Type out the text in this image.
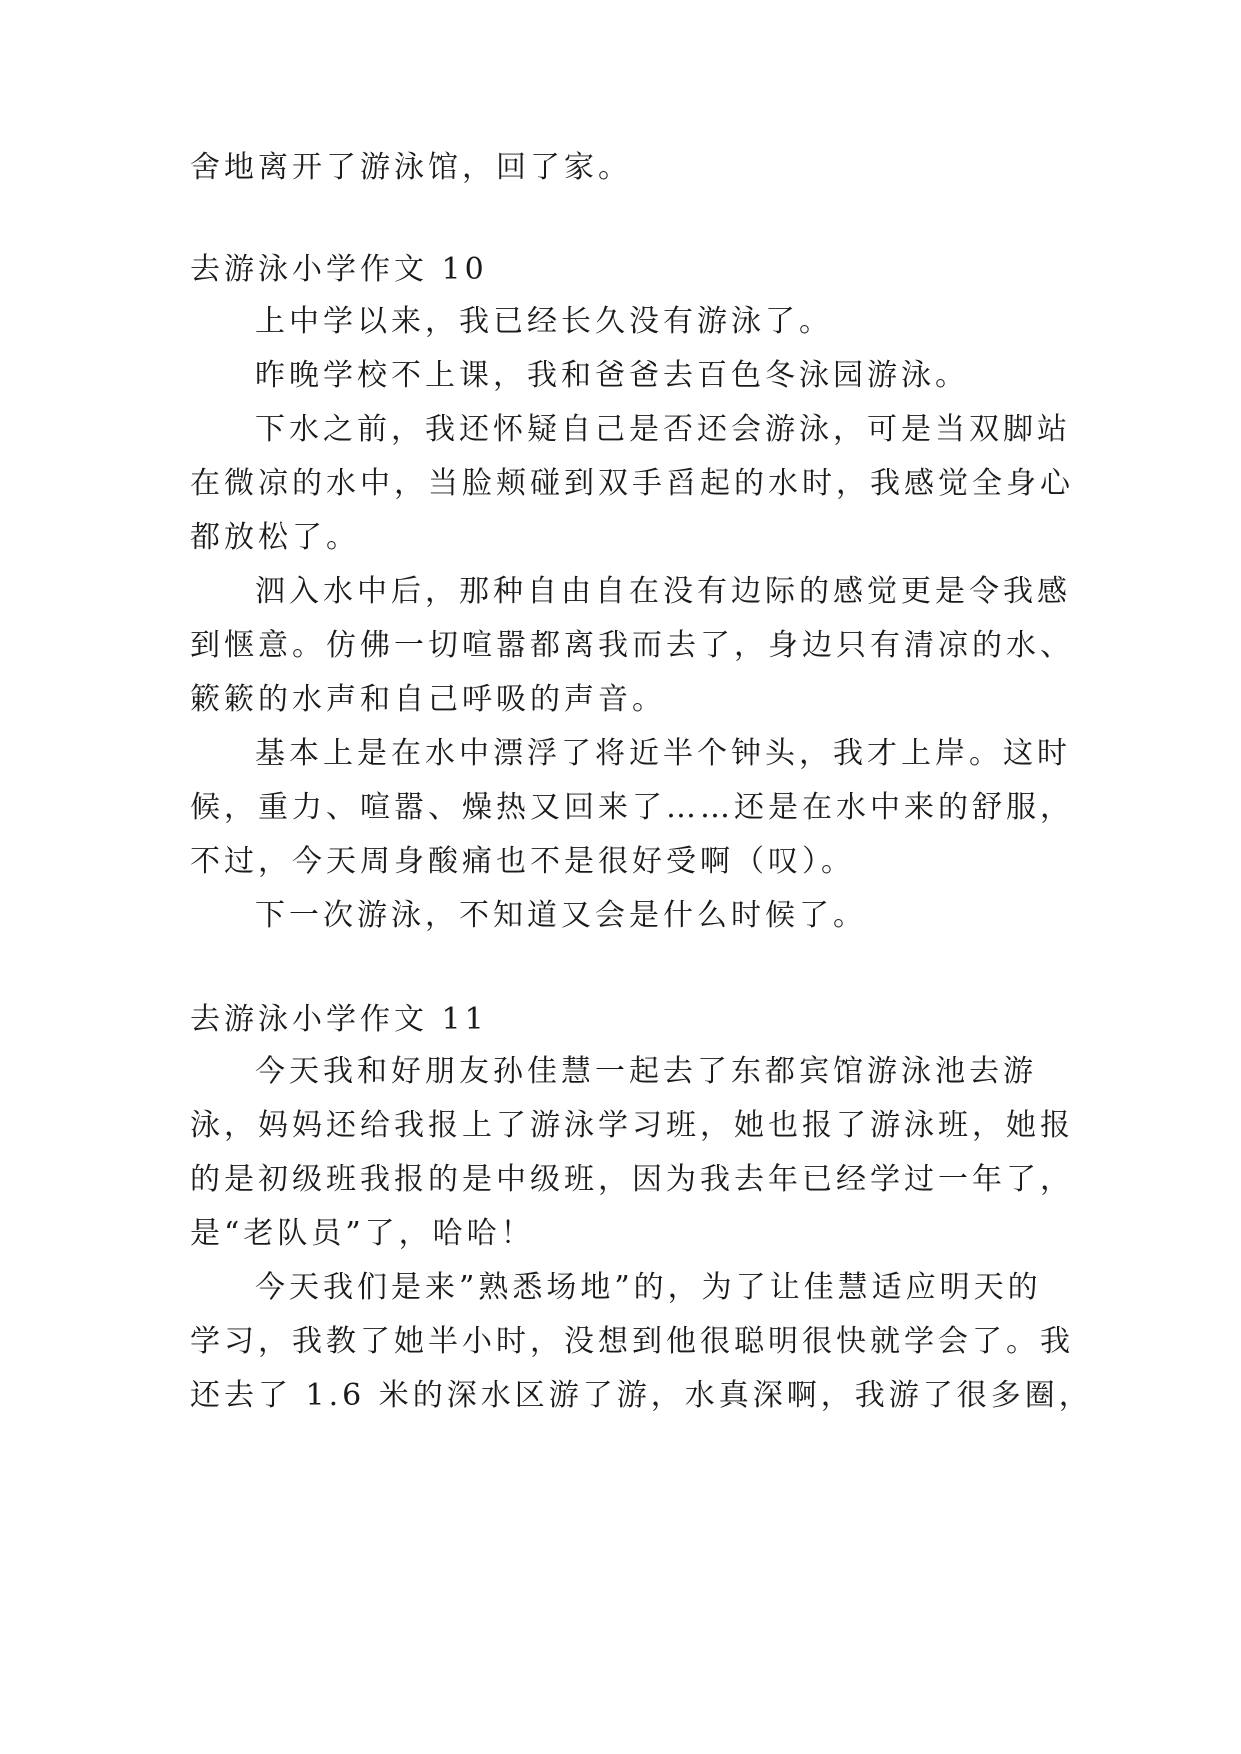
舍地离开了游泳馆，回了家。
去游泳小学作文 10
上中学以来，我已经长久没有游泳了。
昨晚学校不上课，我和爸爸去百色冬泳园游泳。
下水之前，我还怀疑自己是否还会游泳，可是当双脚站
在微凉的水中，当脸颊碰到双手舀起的水时，我感觉全身心
都放松了。
泗入水中后，那种自由自在没有边际的感觉更是令我感
到惬意。仿佛一切喧嚣都离我而去了，身边只有清凉的水、
簌簌的水声和自己呼吸的声音。
基本上是在水中漂浮了将近半个钟头，我才上岸。这时
候，重力、喧嚣、燥热又回来了……还是在水中来的舒服，
不过，今天周身酸痛也不是很好受啊（叹）。
下一次游泳，不知道又会是什么时候了。
去游泳小学作文 11
今天我和好朋友孙佳慧一起去了东都宾馆游泳池去游
泳，妈妈还给我报上了游泳学习班，她也报了游泳班，她报
的是初级班我报的是中级班，因为我去年已经学过一年了，
是“老队员”了，哈哈！
今天我们是来”熟悉场地”的，为了让佳慧适应明天的
学习，我教了她半小时，没想到他很聪明很快就学会了。我
还去了 1.6 米的深水区游了游，水真深啊，我游了很多圈，
